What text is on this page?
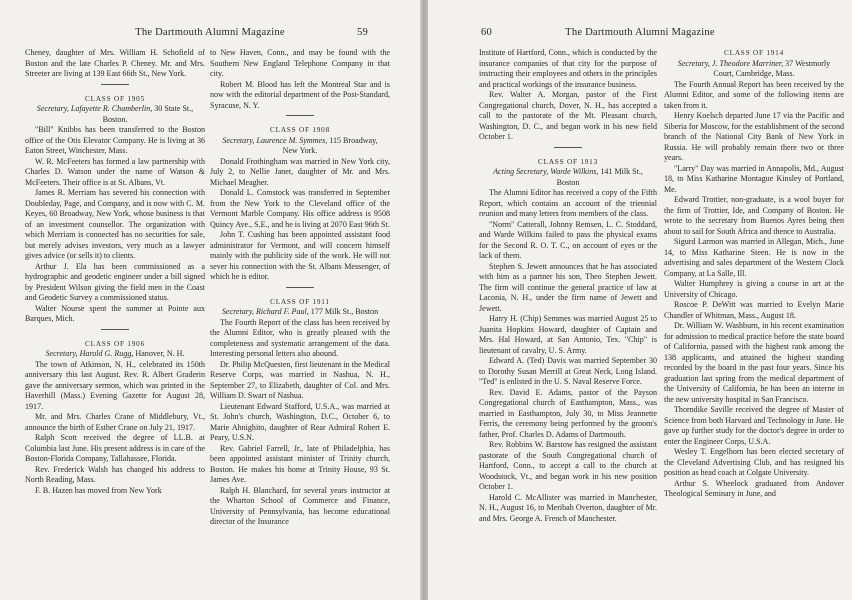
The Dartmouth Alumni Magazine	59

Cheney, daughter of Mrs. William H. Schofield of Boston and the late Charles P. Cheney. Mr. and Mrs. Streeter are living at 139 East 66th St., New York.

CLASS OF 1905

Secretary, Lafayette R. Chamberlin, 30 State St., Boston.

"Bill" Knibbs has been transferred to the Boston office of the Otis Elevator Company. He is living at 36 Eaton Street, Winchester, Mass.

W. R. McFeeters has formed a law partnership with Charles D. Watson under the name of Watson & McFeeters. Their office is at St. Albans, Vt.

James R. Merriam has severed his connection with Doubleday, Page, and Company, and is now with C. M. Keyes, 60 Broadway, New York, whose business is that of an investment counsellor. The organization with which Merriam is connected has no securities for sale, but merely advises investors, very much as a lawyer gives advice (or sells it) to clients.

Arthur J. Ela has been commissioned as a hydrographic and geodetic engineer under a bill signed by President Wilson giving the field men in the Coast and Geodetic Survey a commissioned status.

Walter Nourse spent the summer at Pointe aux Barques, Mich.

CLASS OF 1906

Secretary, Harold G. Rugg, Hanover, N. H.

The town of Atkinson, N. H., celebrated its 150th anniversary this last August. Rev. R. Albert Graderin gave the anniversary sermon, which was printed in the Haverhill (Mass.) Evening Gazette for August 28, 1917.

Mr. and Mrs. Charles Crane of Middlebury, Vt., announce the birth of Esther Crane on July 21, 1917.

Ralph Scott received the degree of LL.B. at Columbia last June. His present address is in care of the Boston-Florida Company, Tallahassee, Florida.

Rev. Frederick Walsh has changed his address to North Reading, Mass.

F. B. Hazen has moved from New York

to New Haven, Conn., and may be found with the Southern New England Telephone Company in that city.

Robert M. Blood has left the Montreal Star and is now with the editorial department of the Post-Standard, Syracuse, N. Y.

CLASS OF 1908

Secretary, Laurence M. Symmes, 115 Broadway, New York.

Donald Frothingham was married in New York city, July 2, to Nellie Janet, daughter of Mr. and Mrs. Michael Meagher.

Donald L. Comstock was transferred in September from the New York to the Cleveland office of the Vermont Marble Company. His office address is 9508 Quincy Ave., S.E., and he is living at 2070 East 96th St.

John T. Cushing has been appointed assistant food administrator for Vermont, and will concern himself mainly with the publicity side of the work. He will not sever his connection with the St. Albans Messenger, of which he is editor.

CLASS OF 1911

Secretary, Richard F. Paul, 177 Milk St., Boston

The Fourth Report of the class has been received by the Alumni Editor, who is greatly pleased with the completeness and systematic arrangement of the data. Interesting personal letters also abound.

Dr. Philip McQuesten, first lieutenant in the Medical Reserve Corps, was married in Nashua, N. H., September 27, to Elizabeth, daughter of Col. and Mrs. William D. Swart of Nashua.

Lieutenant Edward Stafford, U.S.A., was married at St. John's church, Washington, D.C., October 6, to Marie Ahnighito, daughter of Rear Admiral Robert E. Peary, U.S.N.

Rev. Gabriel Farrell, Jr., late of Philadelphia, has been appointed assistant minister of Trinity church, Boston. He makes his home at Trinity House, 93 St. James Ave.

Ralph H. Blanchard, for several years instructor at the Wharton School of Commerce and Finance, University of Pennsylvania, has become educational director of the Insurance

60	The Dartmouth Alumni Magazine

Institute of Hartford, Conn., which is conducted by the insurance companies of that city for the purpose of instructing their employees and others in the principles and practical workings of the insurance business.

Rev. Walter A. Morgan, pastor of the First Congregational church, Dover, N. H., has accepted a call to the pastorate of the Mt. Pleasant church, Washington, D. C., and began work in his new field October 1.

CLASS OF 1913

Acting Secretary, Warde Wilkins, 141 Milk St., Boston

The Alumni Editor has received a copy of the Fifth Report, which contains an account of the triennial reunion and many letters from members of the class.

"Norm" Catterall, Johnny Remsen, L. C. Stoddard, and Warde Wilkins failed to pass the physical exams for the Second R. O. T. C., on account of eyes or the lack of them.

Stephen S. Jewett announces that he has associated with him as a partner his son, Theo Stephen Jewett. The firm will continue the general practice of law at Laconia, N. H., under the firm name of Jewett and Jewett.

Harry H. (Chip) Semmes was married August 25 to Juanita Hopkins Howard, daughter of Captain and Mrs. Hal Howard, at San Antonio, Tex. "Chip" is lieutenant of cavalry, U. S. Army.

Edward A. (Ted) Davis was married September 30 to Dorothy Susan Merrill at Great Neck, Long Island. "Ted" is enlisted in the U. S. Naval Reserve Force.

Rev. David E. Adams, pastor of the Payson Congregational church of Easthampton, Mass., was married in Easthampton, July 30, to Miss Jeannette Ferris, the ceremony being performed by the groom's father, Prof. Charles D. Adams of Dartmouth.

Rev. Robbins W. Barstow has resigned the assistant pastorate of the South Congregational church of Hartford, Conn., to accept a call to the church at Woodstock, Vt., and began work in his new position October 1.

Harold C. McAllister was married in Manchester, N. H., August 16, to Meribah Overton, daughter of Mr. and Mrs. George A. French of Manchester.

CLASS OF 1914

Secretary, J. Theodore Marriner, 37 Westmorly Court, Cambridge, Mass.

The Fourth Annual Report has been received by the Alumni Editor, and some of the following items are taken from it.

Henry Koelsch departed June 17 via the Pacific and Siberia for Moscow, for the establishment of the second branch of the National City Bank of New York in Russia. He will probably remain there two or three years.

"Larry" Day was married in Annapolis, Md., August 18, to Miss Katharine Montague Kinsley of Portland, Me.

Edward Trottier, non-graduate, is a wool buyer for the firm of Trottier, Ide, and Company of Boston. He wrote to the secretary from Buenos Ayres being then about to sail for South Africa and thence to Australia.

Sigurd Larmon was married in Allegan, Mich., June 14, to Miss Katharine Steen. He is now in the advertising and sales department of the Western Clock Company, at La Salle, Ill.

Walter Humphrey is giving a course in art at the University of Chicago.

Roscoe P. DeWitt was married to Evelyn Marie Chandler of Whitman, Mass., August 18.

Dr. William W. Washburn, in his recent examination for admission to medical practice before the state board of California, passed with the highest rank among the 138 applicants, and attained the highest standing recorded by the board in the past four years. Since his graduation last spring from the medical department of the University of California, he has been an interne in the new university hospital in San Francisco.

Thorndike Saville received the degree of Master of Science from both Harvard and Technology in June. He gave up further study for the doctor's degree in order to enter the Engineer Corps, U.S.A.

Wesley T. Engelhorn has been elected secretary of the Cleveland Advertising Club, and has resigned his position as head coach at Colgate University.

Arthur S. Wheelock graduated from Andover Theological Seminary in June, and
